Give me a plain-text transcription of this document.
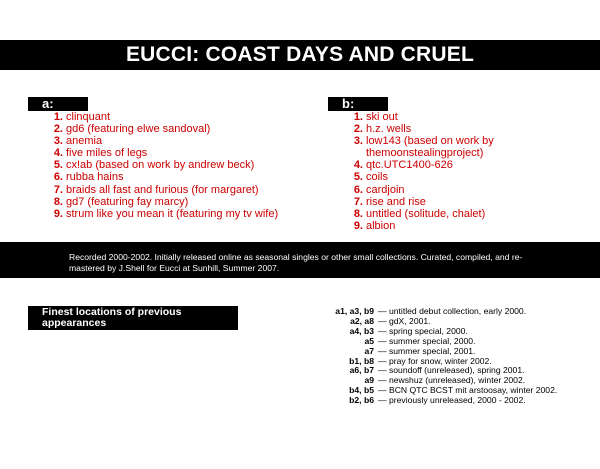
EUCCI: COAST DAYS AND CRUEL
a:
1. clinquant
2. gd6 (featuring elwe sandoval)
3. anemia
4. five miles of legs
5. cx!ab (based on work by andrew beck)
6. rubba hains
7. braids all fast and furious (for margaret)
8. gd7 (featuring fay marcy)
9. strum like you mean it (featuring my tv wife)
b:
1. ski out
2. h.z. wells
3. low143 (based on work by themoonstealingproject)
4. qtc.UTC1400-626
5. coils
6. cardjoin
7. rise and rise
8. untitled (solitude, chalet)
9. albion

Recorded 2000-2002. Initially released online as seasonal singles or other small collections. Curated, compiled, and re-mastered by J.Shell for Eucci at Sunhill, Summer 2007.

Finest locations of previous appearances
a1, a3, b9 — untitled debut collection, early 2000.
a2, a8 — gdX, 2001.
a4, b3 — spring special, 2000.
a5 — summer special, 2000.
a7 — summer special, 2001.
b1, b8 — pray for snow, winter 2002.
a6, b7 — soundoff (unreleased), spring 2001.
a9 — newshuz (unreleased), winter 2002.
b4, b5 — BCN QTC BCST mit arstoosay, winter 2002.
b2, b6 — previously unreleased, 2000 - 2002.
